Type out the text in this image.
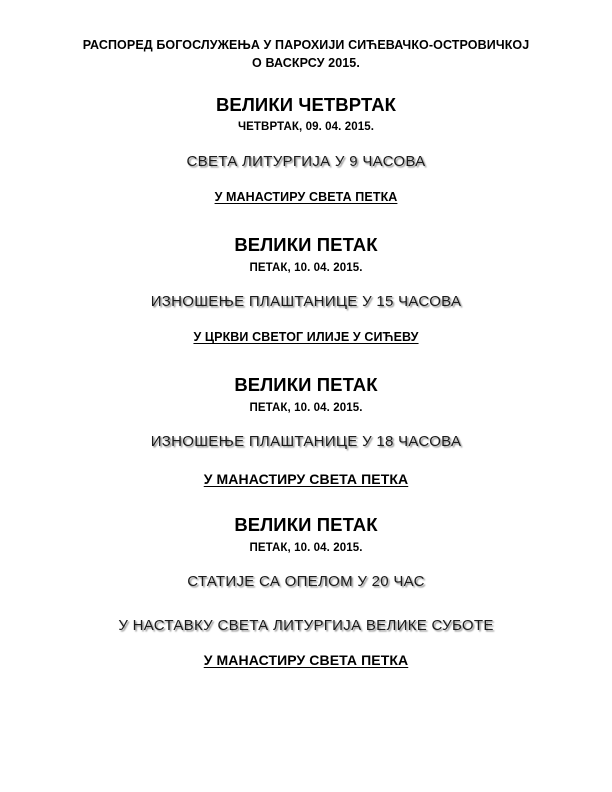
РАСПОРЕД БОГОСЛУЖЕЊА У ПАРОХИЈИ СИЋЕВАЧКО-ОСТРОВИЧКОЈ
О ВАСКРСУ 2015.
ВЕЛИКИ ЧЕТВРТАК
ЧЕТВРТАК, 09. 04. 2015.
СВЕТА ЛИТУРГИЈА У 9 ЧАСОВА
У МАНАСТИРУ СВЕТА ПЕТКА
ВЕЛИКИ ПЕТАК
ПЕТАК, 10. 04. 2015.
ИЗНОШЕЊЕ ПЛАШТАНИЦЕ У 15 ЧАСОВА
У ЦРКВИ СВЕТОГ ИЛИЈЕ У СИЋЕВУ
ВЕЛИКИ ПЕТАК
ПЕТАК, 10. 04. 2015.
ИЗНОШЕЊЕ ПЛАШТАНИЦЕ У 18 ЧАСОВА
У МАНАСТИРУ СВЕТА ПЕТКА
ВЕЛИКИ ПЕТАК
ПЕТАК, 10. 04. 2015.
СТАТИЈЕ СА ОПЕЛОМ У 20 ЧАС
У НАСТАВКУ СВЕТА ЛИТУРГИЈА ВЕЛИКЕ СУБОТЕ
У МАНАСТИРУ СВЕТА ПЕТКА
